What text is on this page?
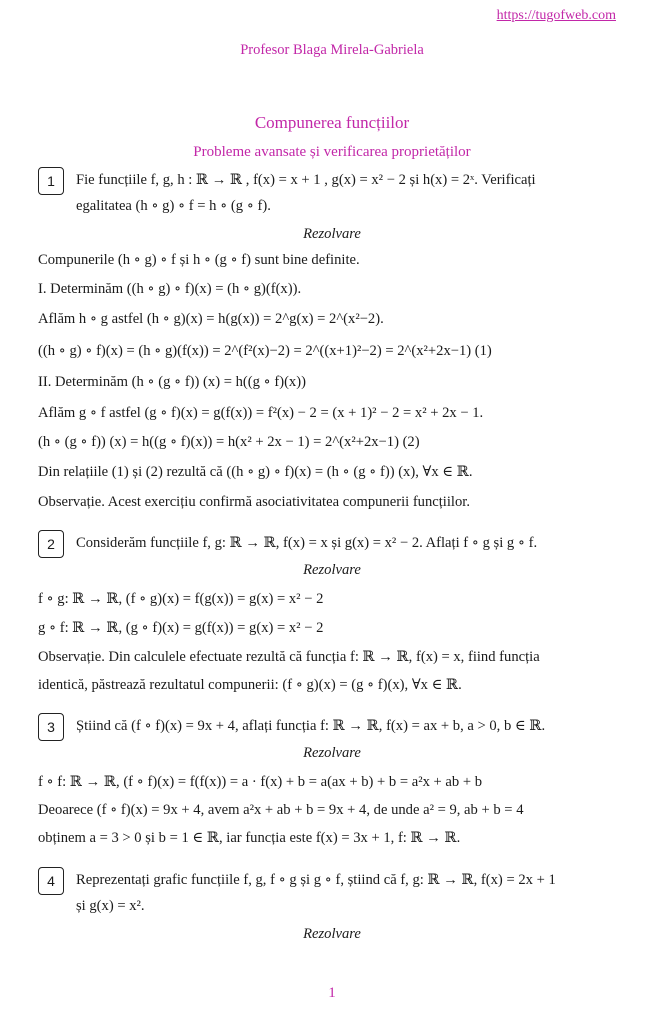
https://tugofweb.com
Profesor Blaga Mirela-Gabriela
Compunerea funcțiilor
Probleme avansate și verificarea proprietăților
1	Fie funcțiile f, g, h : ℝ → ℝ , f(x) = x + 1 , g(x) = x² − 2 și h(x) = 2ˣ. Verificați
egalitatea (h ∘ g) ∘ f = h ∘ (g ∘ f).
Rezolvare
Compunerile (h ∘ g) ∘ f și h ∘ (g ∘ f) sunt bine definite.
I. Determinăm ((h ∘ g) ∘ f)(x) = (h ∘ g)(f(x)).
Aflăm h ∘ g astfel (h ∘ g)(x) = h(g(x)) = 2^g(x) = 2^(x²−2).
((h ∘ g) ∘ f)(x) = (h ∘ g)(f(x)) = 2^(f²(x)−2) = 2^((x+1)²−2) = 2^(x²+2x−1) (1)
II. Determinăm (h ∘ (g ∘ f)) (x) = h((g ∘ f)(x))
Aflăm g ∘ f astfel (g ∘ f)(x) = g(f(x)) = f²(x) − 2 = (x + 1)² − 2 = x² + 2x − 1.
(h ∘ (g ∘ f)) (x) = h((g ∘ f)(x)) = h(x² + 2x − 1) = 2^(x²+2x−1) (2)
Din relațiile (1) și (2) rezultă că ((h ∘ g) ∘ f)(x) = (h ∘ (g ∘ f)) (x), ∀x ∈ ℝ.
Observație. Acest exercițiu confirmă asociativitatea compunerii funcțiilor.
2	Considerăm funcțiile f, g: ℝ → ℝ, f(x) = x și g(x) = x² − 2. Aflați f ∘ g și g ∘ f.
Rezolvare
f ∘ g: ℝ → ℝ, (f ∘ g)(x) = f(g(x)) = g(x) = x² − 2
g ∘ f: ℝ → ℝ, (g ∘ f)(x) = g(f(x)) = g(x) = x² − 2
Observație. Din calculele efectuate rezultă că funcția f: ℝ → ℝ, f(x) = x, fiind funcția
identică, păstrează rezultatul compunerii: (f ∘ g)(x) = (g ∘ f)(x), ∀x ∈ ℝ.
3	Știind că (f ∘ f)(x) = 9x + 4, aflați funcția f: ℝ → ℝ, f(x) = ax + b, a > 0, b ∈ ℝ.
Rezolvare
f ∘ f: ℝ → ℝ, (f ∘ f)(x) = f(f(x)) = a · f(x) + b = a(ax + b) + b = a²x + ab + b
Deoarece (f ∘ f)(x) = 9x + 4, avem a²x + ab + b = 9x + 4, de unde a² = 9, ab + b = 4
obținem a = 3 > 0 și b = 1 ∈ ℝ, iar funcția este f(x) = 3x + 1, f: ℝ → ℝ.
4	Reprezentați grafic funcțiile f, g, f ∘ g și g ∘ f, știind că f, g: ℝ → ℝ, f(x) = 2x + 1
și g(x) = x².
Rezolvare
1
